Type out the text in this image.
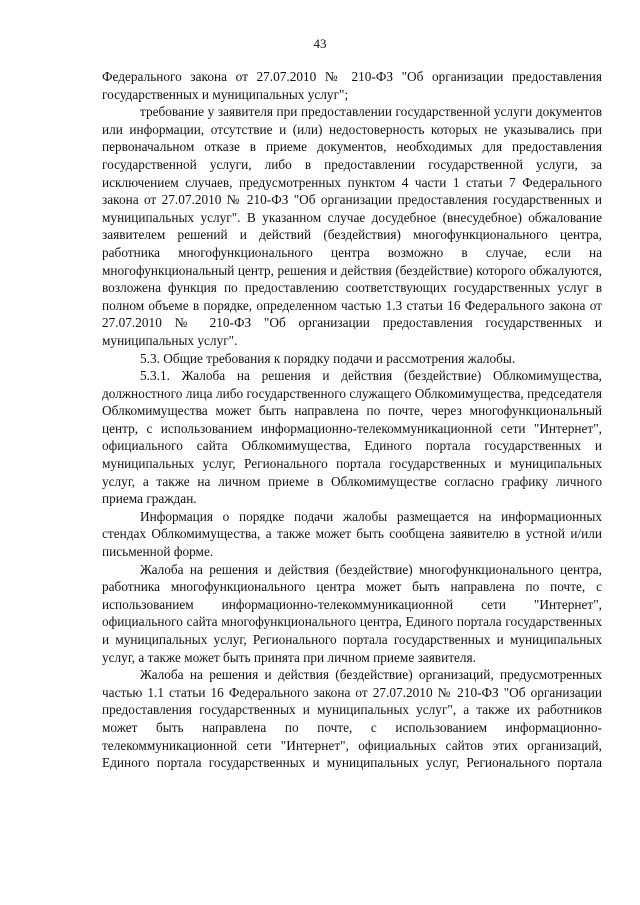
43

Федерального закона от 27.07.2010 № 210-ФЗ "Об организации предоставления государственных и муниципальных услуг";

требование у заявителя при предоставлении государственной услуги документов или информации, отсутствие и (или) недостоверность которых не указывались при первоначальном отказе в приеме документов, необходимых для предоставления государственной услуги, либо в предоставлении государственной услуги, за исключением случаев, предусмотренных пунктом 4 части 1 статьи 7 Федерального закона от 27.07.2010 № 210-ФЗ "Об организации предоставления государственных и муниципальных услуг". В указанном случае досудебное (внесудебное) обжалование заявителем решений и действий (бездействия) многофункционального центра, работника многофункционального центра возможно в случае, если на многофункциональный центр, решения и действия (бездействие) которого обжалуются, возложена функция по предоставлению соответствующих государственных услуг в полном объеме в порядке, определенном частью 1.3 статьи 16 Федерального закона от 27.07.2010 № 210-ФЗ "Об организации предоставления государственных и муниципальных услуг".

5.3. Общие требования к порядку подачи и рассмотрения жалобы.

5.3.1. Жалоба на решения и действия (бездействие) Облкомимущества, должностного лица либо государственного служащего Облкомимущества, председателя Облкомимущества может быть направлена по почте, через многофункциональный центр, с использованием информационно-телекоммуникационной сети "Интернет", официального сайта Облкомимущества, Единого портала государственных и муниципальных услуг, Регионального портала государственных и муниципальных услуг, а также на личном приеме в Облкомимуществе согласно графику личного приема граждан.

Информация о порядке подачи жалобы размещается на информационных стендах Облкомимущества, а также может быть сообщена заявителю в устной и/или письменной форме.

Жалоба на решения и действия (бездействие) многофункционального центра, работника многофункционального центра может быть направлена по почте, с использованием информационно-телекоммуникационной сети "Интернет", официального сайта многофункционального центра, Единого портала государственных и муниципальных услуг, Регионального портала государственных и муниципальных услуг, а также может быть принята при личном приеме заявителя.

Жалоба на решения и действия (бездействие) организаций, предусмотренных частью 1.1 статьи 16 Федерального закона от 27.07.2010 № 210-ФЗ "Об организации предоставления государственных и муниципальных услуг", а также их работников может быть направлена по почте, с использованием информационно-телекоммуникационной сети "Интернет", официальных сайтов этих организаций, Единого портала государственных и муниципальных услуг, Регионального портала
